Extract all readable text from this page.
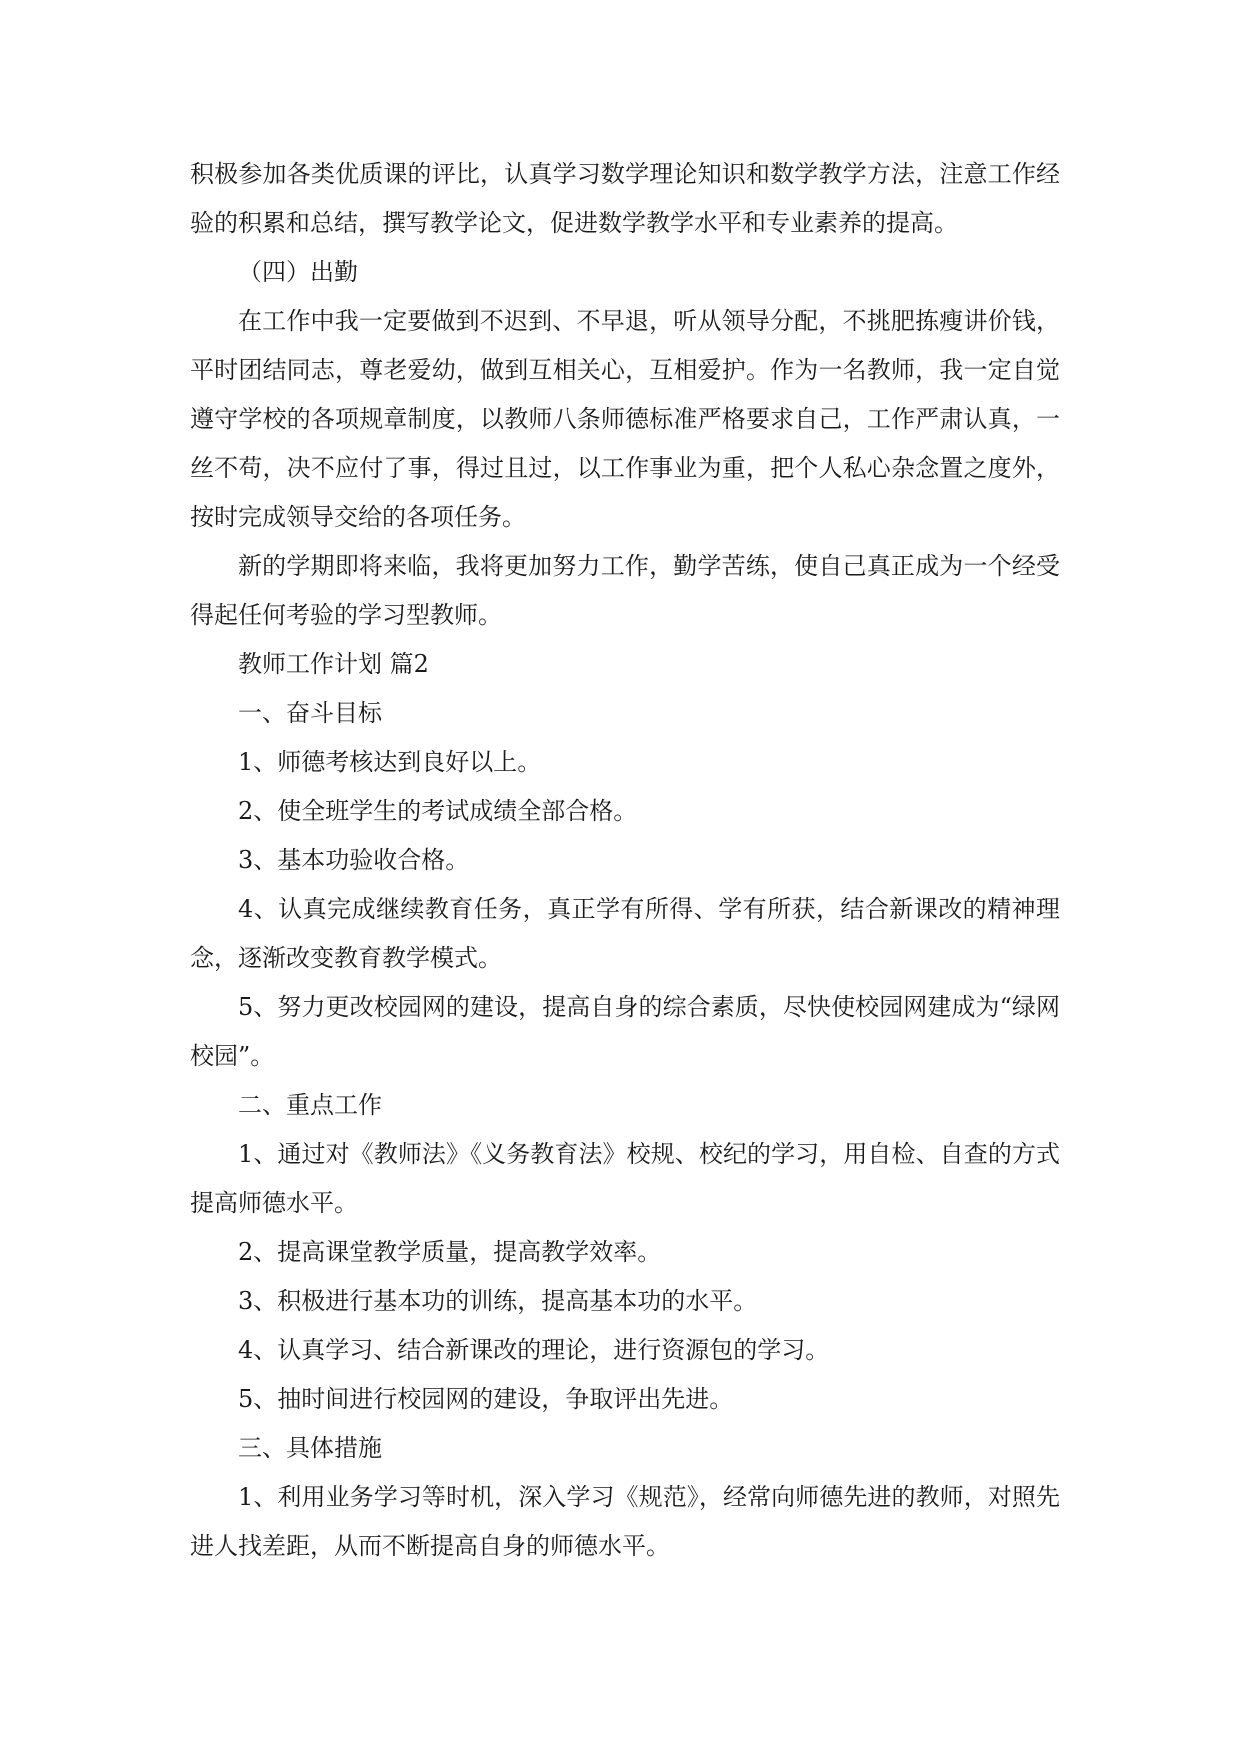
积极参加各类优质课的评比，认真学习数学理论知识和数学教学方法，注意工作经验的积累和总结，撰写教学论文，促进数学教学水平和专业素养的提高。

（四）出勤

在工作中我一定要做到不迟到、不早退，听从领导分配，不挑肥拣瘦讲价钱，平时团结同志，尊老爱幼，做到互相关心，互相爱护。作为一名教师，我一定自觉遵守学校的各项规章制度，以教师八条师德标准严格要求自己，工作严肃认真，一丝不苟，决不应付了事，得过且过，以工作事业为重，把个人私心杂念置之度外，按时完成领导交给的各项任务。

新的学期即将来临，我将更加努力工作，勤学苦练，使自己真正成为一个经受得起任何考验的学习型教师。

教师工作计划 篇2

一、奋斗目标

1、师德考核达到良好以上。

2、使全班学生的考试成绩全部合格。

3、基本功验收合格。

4、认真完成继续教育任务，真正学有所得、学有所获，结合新课改的精神理念，逐渐改变教育教学模式。

5、努力更改校园网的建设，提高自身的综合素质，尽快使校园网建成为“绿网校园”。

二、重点工作

1、通过对《教师法》《义务教育法》校规、校纪的学习，用自检、自查的方式提高师德水平。

2、提高课堂教学质量，提高教学效率。

3、积极进行基本功的训练，提高基本功的水平。

4、认真学习、结合新课改的理论，进行资源包的学习。

5、抽时间进行校园网的建设，争取评出先进。

三、具体措施

1、利用业务学习等时机，深入学习《规范》，经常向师德先进的教师，对照先进人找差距，从而不断提高自身的师德水平。
